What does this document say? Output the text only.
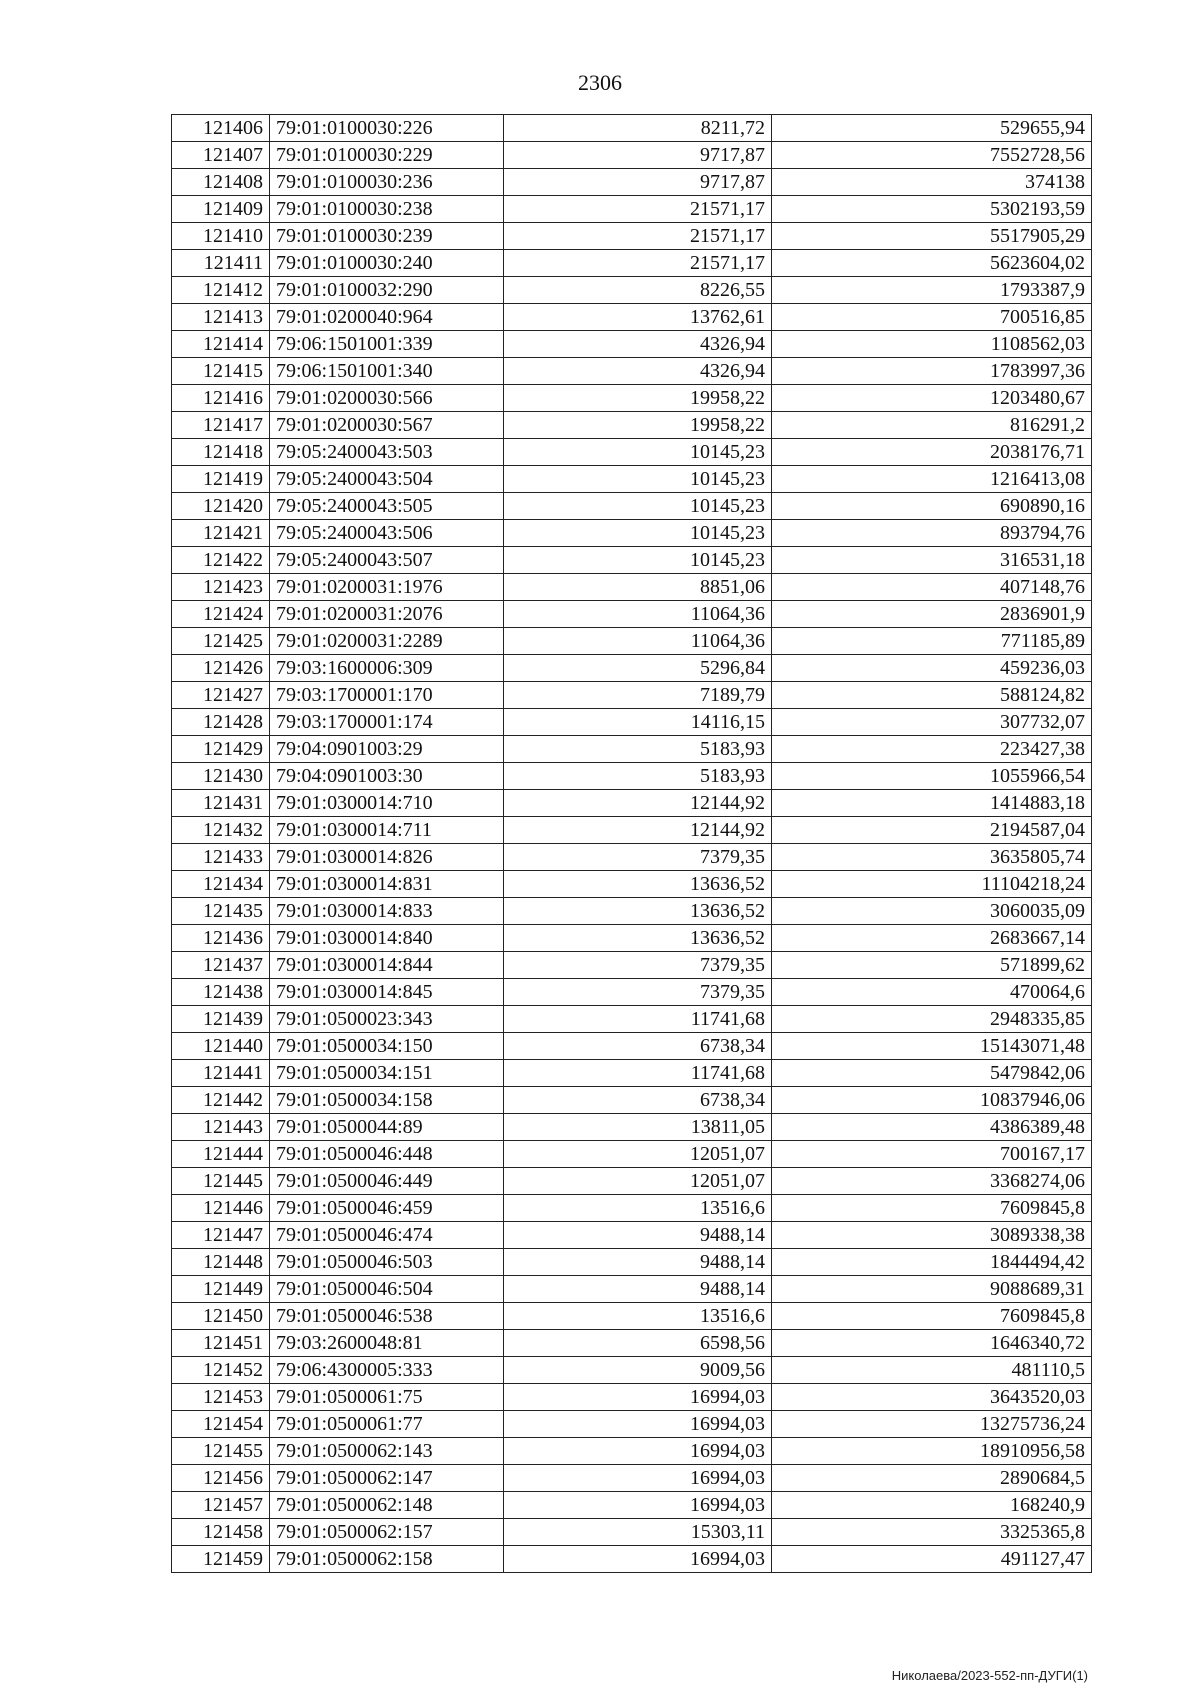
2306
121406	79:01:0100030:226	8211,72	529655,94
121407	79:01:0100030:229	9717,87	7552728,56
121408	79:01:0100030:236	9717,87	374138
121409	79:01:0100030:238	21571,17	5302193,59
121410	79:01:0100030:239	21571,17	5517905,29
121411	79:01:0100030:240	21571,17	5623604,02
121412	79:01:0100032:290	8226,55	1793387,9
121413	79:01:0200040:964	13762,61	700516,85
121414	79:06:1501001:339	4326,94	1108562,03
121415	79:06:1501001:340	4326,94	1783997,36
121416	79:01:0200030:566	19958,22	1203480,67
121417	79:01:0200030:567	19958,22	816291,2
121418	79:05:2400043:503	10145,23	2038176,71
121419	79:05:2400043:504	10145,23	1216413,08
121420	79:05:2400043:505	10145,23	690890,16
121421	79:05:2400043:506	10145,23	893794,76
121422	79:05:2400043:507	10145,23	316531,18
121423	79:01:0200031:1976	8851,06	407148,76
121424	79:01:0200031:2076	11064,36	2836901,9
121425	79:01:0200031:2289	11064,36	771185,89
121426	79:03:1600006:309	5296,84	459236,03
121427	79:03:1700001:170	7189,79	588124,82
121428	79:03:1700001:174	14116,15	307732,07
121429	79:04:0901003:29	5183,93	223427,38
121430	79:04:0901003:30	5183,93	1055966,54
121431	79:01:0300014:710	12144,92	1414883,18
121432	79:01:0300014:711	12144,92	2194587,04
121433	79:01:0300014:826	7379,35	3635805,74
121434	79:01:0300014:831	13636,52	11104218,24
121435	79:01:0300014:833	13636,52	3060035,09
121436	79:01:0300014:840	13636,52	2683667,14
121437	79:01:0300014:844	7379,35	571899,62
121438	79:01:0300014:845	7379,35	470064,6
121439	79:01:0500023:343	11741,68	2948335,85
121440	79:01:0500034:150	6738,34	15143071,48
121441	79:01:0500034:151	11741,68	5479842,06
121442	79:01:0500034:158	6738,34	10837946,06
121443	79:01:0500044:89	13811,05	4386389,48
121444	79:01:0500046:448	12051,07	700167,17
121445	79:01:0500046:449	12051,07	3368274,06
121446	79:01:0500046:459	13516,6	7609845,8
121447	79:01:0500046:474	9488,14	3089338,38
121448	79:01:0500046:503	9488,14	1844494,42
121449	79:01:0500046:504	9488,14	9088689,31
121450	79:01:0500046:538	13516,6	7609845,8
121451	79:03:2600048:81	6598,56	1646340,72
121452	79:06:4300005:333	9009,56	481110,5
121453	79:01:0500061:75	16994,03	3643520,03
121454	79:01:0500061:77	16994,03	13275736,24
121455	79:01:0500062:143	16994,03	18910956,58
121456	79:01:0500062:147	16994,03	2890684,5
121457	79:01:0500062:148	16994,03	168240,9
121458	79:01:0500062:157	15303,11	3325365,8
121459	79:01:0500062:158	16994,03	491127,47
Николаева/2023-552-пп-ДУГИ(1)
